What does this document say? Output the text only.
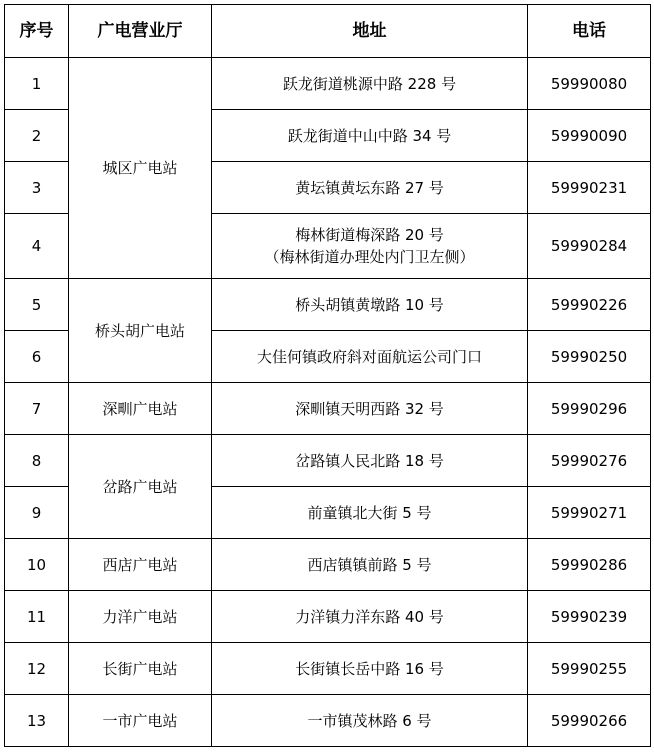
序号	广电营业厅	地址	电话
1	城区广电站	跃龙街道桃源中路 228 号	59990080
2		跃龙街道中山中路 34 号	59990090
3		黄坛镇黄坛东路 27 号	59990231
4		梅林街道梅深路 20 号
（梅林街道办理处内门卫左侧）	59990284
5	桥头胡广电站	桥头胡镇黄墩路 10 号	59990226
6		大佳何镇政府斜对面航运公司门口	59990250
7	深甽广电站	深甽镇天明西路 32 号	59990296
8	岔路广电站	岔路镇人民北路 18 号	59990276
9		前童镇北大街 5 号	59990271
10	西店广电站	西店镇镇前路 5 号	59990286
11	力洋广电站	力洋镇力洋东路 40 号	59990239
12	长街广电站	长街镇长岳中路 16 号	59990255
13	一市广电站	一市镇茂林路 6 号	59990266
